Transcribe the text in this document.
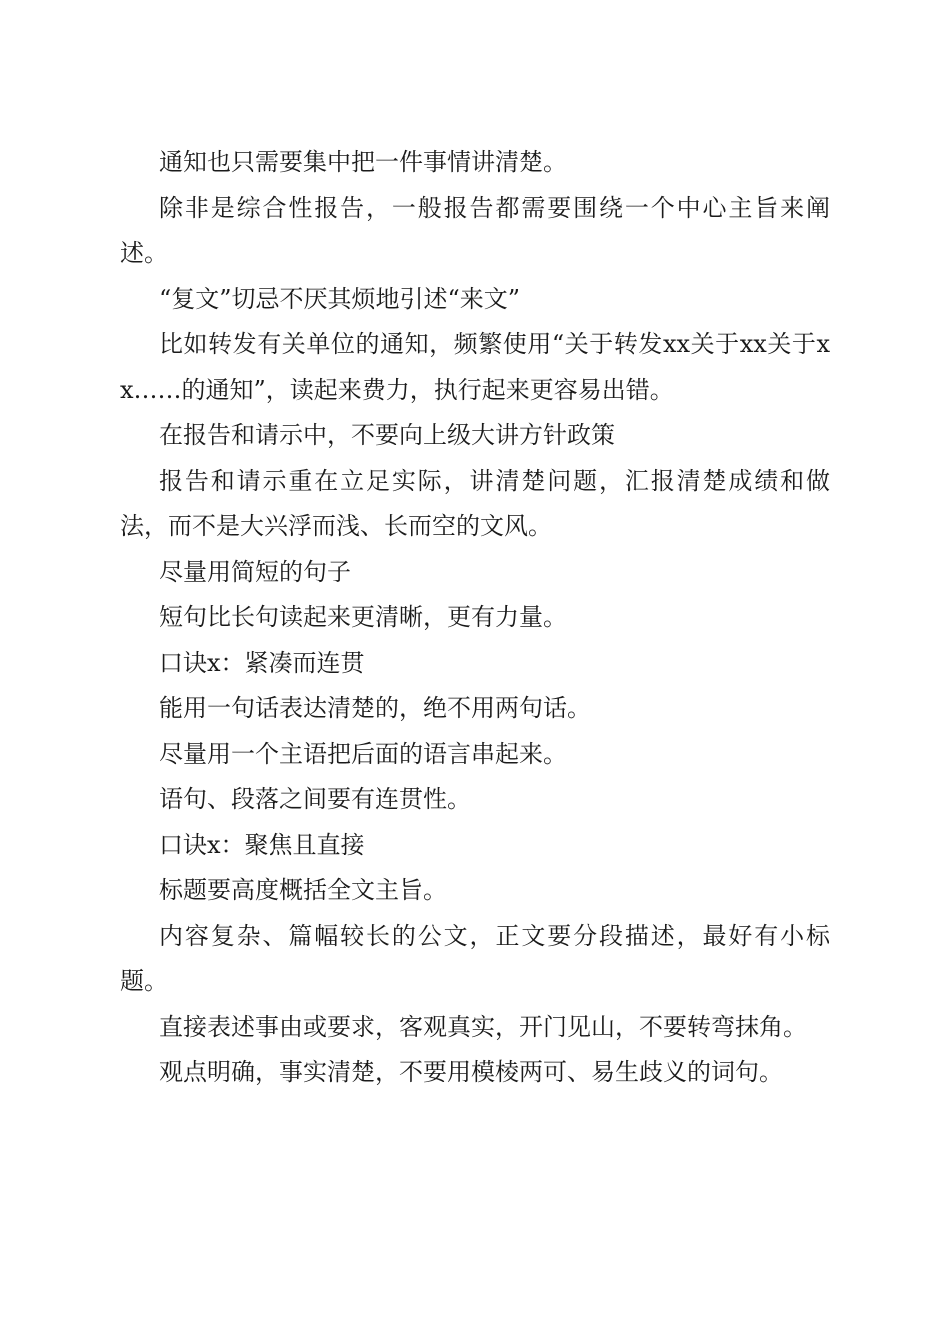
通知也只需要集中把一件事情讲清楚。

除非是综合性报告，一般报告都需要围绕一个中心主旨来阐述。

“复文”切忌不厌其烦地引述“来文”

比如转发有关单位的通知，频繁使用“关于转发xx关于xx关于xx……的通知”，读起来费力，执行起来更容易出错。

在报告和请示中，不要向上级大讲方针政策

报告和请示重在立足实际，讲清楚问题，汇报清楚成绩和做法，而不是大兴浮而浅、长而空的文风。

尽量用简短的句子

短句比长句读起来更清晰，更有力量。

口诀x：紧凑而连贯

能用一句话表达清楚的，绝不用两句话。

尽量用一个主语把后面的语言串起来。

语句、段落之间要有连贯性。

口诀x：聚焦且直接

标题要高度概括全文主旨。

内容复杂、篇幅较长的公文，正文要分段描述，最好有小标题。

直接表述事由或要求，客观真实，开门见山，不要转弯抹角。

观点明确，事实清楚，不要用模棱两可、易生歧义的词句。
